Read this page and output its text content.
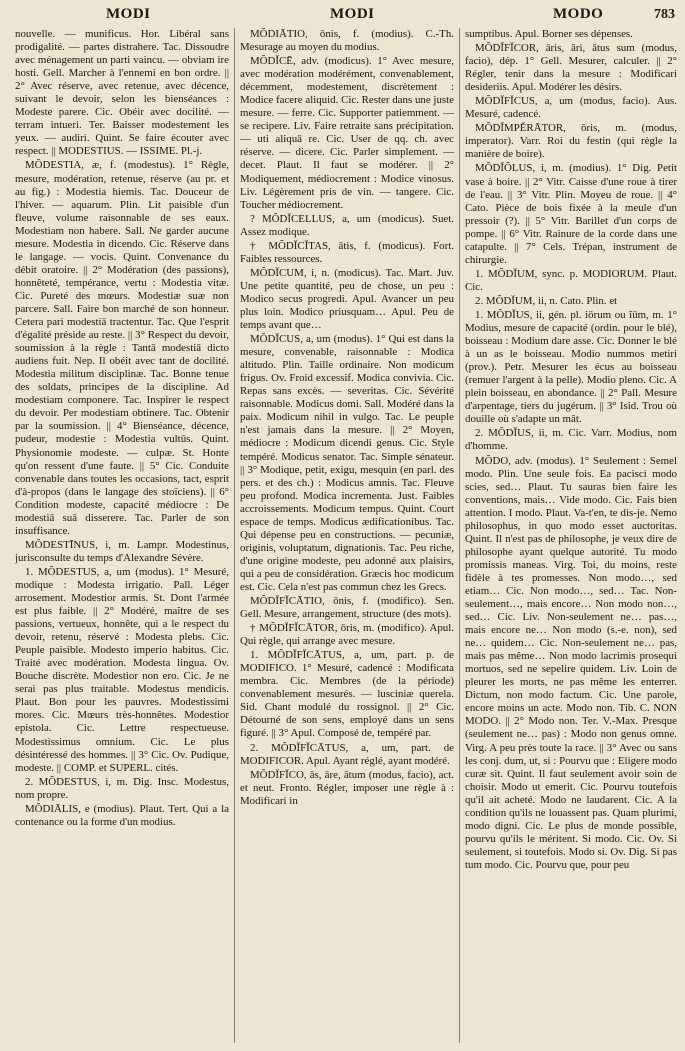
MODI	MODI	MODO	783

nouvelle. — munificus. Hor. Libéral sans prodigalité. — partes distrahere. Tac. Dissoudre avec ménagement un parti vaincu. — obviam ire hosti. Gell. Marcher à l'ennemi en bon ordre. || 2° Avec réserve, avec retenue, avec décence, suivant le devoir, selon les bienséances : Modeste parere. Cic. Obéir avec docilité. — terram intueri. Ter. Baisser modestement les yeux. — audiri. Quint. Se faire écouter avec respect. || MODESTIUS. — ISSIME. Pl.-j.

MŎDESTIA, æ, f. (modestus). 1° Règle, mesure, modération, retenue, réserve (au pr. et au fig.) : Modestia hiemis. Tac. Douceur de l'hiver. — aquarum. Plin. Lit paisible d'un fleuve, volume raisonnable de ses eaux. Modestiam non habere. Sall. Ne garder aucune mesure. Modestia in dicendo. Cic. Réserve dans le langage. — vocis. Quint. Convenance du débit oratoire. || 2° Modération (des passions), honnêteté, tempérance, vertu : Modestia vitæ. Cic. Pureté des mœurs. Modestiæ suæ non parcere. Sall. Faire bon marché de son honneur. Cetera pari modestiā tractentur. Tac. Que l'esprit d'égalité préside au reste. || 3° Respect du devoir, soumission à la règle : Tantā modestiā dicto audiens fuit. Nep. Il obéit avec tant de docilité. Modestia militum disciplinæ. Tac. Bonne tenue des soldats, principes de la discipline. Ad modestiam componere. Tac. Inspirer le respect du devoir. Per modestiam obtinere. Tac. Obtenir par la soumission. || 4° Bienséance, décence, pudeur, modestie : Modestia vultūs. Quint. Physionomie modeste. — culpæ. St. Honte qu'on ressent d'une faute. || 5° Cic. Conduite convenable dans toutes les occasions, tact, esprit d'à-propos (dans le langage des stoïciens). || 6° Condition modeste, capacité médiocre : De modestiā suā disserere. Tac. Parler de son insuffisance.

MŎDESTĪNUS, i, m. Lampr. Modestinus, jurisconsulte du temps d'Alexandre Sévère.

1. MŎDESTUS, a, um (modus). 1° Mesuré, modique : Modesta irrigatio. Pall. Léger arrosement. Modestior armis. St. Dont l'armée est plus faible. || 2° Modéré, maître de ses passions, vertueux, honnête, qui a le respect du devoir, retenu, réservé : Modesta plebs. Cic. Peuple paisible. Modesto imperio habitus. Cic. Traité avec modération. Modesta lingua. Ov. Bouche discrète. Modestior non ero. Cic. Je ne serai pas plus traitable. Modestus mendicis. Plaut. Bon pour les pauvres. Modestissimi mores. Cic. Mœurs très-honnêtes. Modestior epistola. Cic. Lettre respectueuse. Modestissimus omnium. Cic. Le plus désintéressé des hommes. || 3° Cic. Ov. Pudique, modeste. || COMP. et SUPERL. cités.

2. MŎDESTUS, i, m. Dig. Insc. Modestus, nom propre.

MŎDIĀLIS, e (modius). Plaut. Tert. Qui a la contenance ou la forme d'un modius.

MŎDIĀTIO, ōnis, f. (modius). C.-Th. Mesurage au moyen du modius.

MŎDĬCĒ, adv. (modicus). 1° Avec mesure, avec modération modérément, convenablement, décemment, modestement, discrètement : Modice facere aliquid. Cic. Rester dans une juste mesure. — ferre. Cic. Supporter patiemment. — se recipere. Liv. Faire retraite sans précipitation. — uti aliquā re. Cic. User de qq. ch. avec réserve. — dicere. Cic. Parler simplement. — decet. Plaut. Il faut se modérer. || 2° Modiquement, médiocrement : Modice vinosus. Liv. Légèrement pris de vin. — tangere. Cic. Toucher médiocrement.

? MŎDĬCELLUS, a, um (modicus). Suet. Assez modique.

† MŎDĬCĬTAS, ātis, f. (modicus). Fort. Faibles ressources.

MŎDĬCUM, i, n. (modicus). Tac. Mart. Juv. Une petite quantité, peu de chose, un peu : Modico secus progredi. Apul. Avancer un peu plus loin. Modico priusquam… Apul. Peu de temps avant que…

MŎDĬCUS, a, um (modus). 1° Qui est dans la mesure, convenable, raisonnable : Modica altitudo. Plin. Taille ordinaire. Non modicum frigus. Ov. Froid excessif. Modica convivia. Cic. Repas sans excès. — severitas. Cic. Sévérité raisonnable. Modicus domi. Sall. Modéré dans la paix. Modicum nihil in vulgo. Tac. Le peuple n'est jamais dans la mesure. || 2° Moyen, médiocre : Modicum dicendi genus. Cic. Style tempéré. Modicus senator. Tac. Simple sénateur. || 3° Modique, petit, exigu, mesquin (en parl. des pers. et des ch.) : Modicus amnis. Tac. Fleuve peu profond. Modica incrementa. Just. Faibles accroissements. Modicum tempus. Quint. Court espace de temps. Modicus ædificationibus. Tac. Qui dépense peu en constructions. — pecuniæ, originis, voluptatum, dignationis. Tac. Peu riche, d'une origine modeste, peu adonné aux plaisirs, qui a peu de considération. Græcis hoc modicum est. Cic. Cela n'est pas commun chez les Grecs.

MŎDĬFĬCĀTIO, ōnis, f. (modifico). Sen. Gell. Mesure, arrangement, structure (des mots).

† MŎDĬFĬCĀTOR, ōris, m. (modifico). Apul. Qui règle, qui arrange avec mesure.

1. MŎDĬFĬCĀTUS, a, um, part. p. de MODIFICO. 1° Mesuré, cadencé : Modificata membra. Cic. Membres (de la période) convenablement mesurés. — lusciniæ querela. Sid. Chant modulé du rossignol. || 2° Cic. Détourné de son sens, employé dans un sens figuré. || 3° Apul. Composé de, tempéré par.

2. MŎDĬFĬCĀTUS, a, um, part. de MODIFICOR. Apul. Ayant réglé, ayant modéré.

MŎDĬFĬCO, ās, āre, ātum (modus, facio), act. et neut. Fronto. Régler, imposer une règle à : Modificari in

sumptibus. Apul. Borner ses dépenses.

MŎDĬFĬCOR, āris, āri, ātus sum (modus, facio), dép. 1° Gell. Mesurer, calculer. || 2° Régler, tenir dans la mesure : Modificari desideriis. Apul. Modérer les désirs.

MŎDĬFĬCUS, a, um (modus, facio). Aus. Mesuré, cadencé.

MŎDĬMPĔRĀTOR, ōris, m. (modus, imperator). Varr. Roi du festin (qui règle la manière de boire).

MŎDĬŎLUS, i, m. (modius). 1° Dig. Petit vase à boire. || 2° Vitr. Caisse d'une roue à tirer de l'eau. || 3° Vitr. Plin. Moyeu de roue. || 4° Cato. Pièce de bois fixée à la meule d'un pressoir (?). || 5° Vitr. Barillet d'un corps de pompe. || 6° Vitr. Rainure de la corde dans une catapulte. || 7° Cels. Trépan, instrument de chirurgie.

1. MŎDĬUM, sync. p. MODIORUM. Plaut. Cic.

2. MŎDĬUM, ii, n. Cato. Plin. et

1. MŎDĬUS, ii, gén. pl. iōrum ou ĭūm, m. 1° Modius, mesure de capacité (ordin. pour le blé), boisseau : Modium dare asse. Cic. Donner le blé à un as le boisseau. Modio nummos metiri (prov.). Petr. Mesurer les écus au boisseau (remuer l'argent à la pelle). Modio pleno. Cic. A plein boisseau, en abondance. || 2° Pall. Mesure d'arpentage, tiers du jugérum. || 3° Isid. Trou où douille où s'adapte un mât.

2. MŎDĬUS, ii, m. Cic. Varr. Modius, nom d'homme.

MŎDO, adv. (modus). 1° Seulement : Semel modo. Plin. Une seule fois. Ea pacisci modo scies, sed… Plaut. Tu sauras bien faire les conventions, mais… Vide modo. Cic. Fais bien attention. I modo. Plaut. Va-t'en, te dis-je. Nemo philosophus, in quo modo esset auctoritas. Quint. Il n'est pas de philosophe, je veux dire de philosophe ayant quelque autorité. Tu modo promissis maneas. Virg. Toi, du moins, reste fidèle à tes promesses. Non modo…, sed etiam… Cic. Non modo…, sed… Tac. Non-seulement…, mais encore… Non modo non…, sed… Cic. Liv. Non-seulement ne… pas…, mais encore ne… Non modo (s.-e. non), sed ne… quidem… Cic. Non-seulement ne… pas, mais pas même… Non modo lacrimis prosequi mortuos, sed ne sepelire quidem. Liv. Loin de pleurer les morts, ne pas même les enterrer. Dictum, non modo factum. Cic. Une parole, encore moins un acte. Modo non. Tib. C. NON MODO. || 2° Modo non. Ter. V.-Max. Presque (seulement ne… pas) : Modo non genus omne. Virg. A peu près toute la race. || 3° Avec ou sans les conj. dum, ut, si : Pourvu que : Eligere modo curæ sit. Quint. Il faut seulement avoir soin de choisir. Modo ut emerit. Cic. Pourvu toutefois qu'il ait acheté. Modo ne laudarent. Cic. A la condition qu'ils ne louassent pas. Quam plurimi, modo digni. Cic. Le plus de monde possible, pourvu qu'ils le méritent. Si modo. Cic. Ov. Si seulement, si toutefois. Modo si. Ov. Dig. Si pas tum modo. Cic. Pourvu que, pour peu
